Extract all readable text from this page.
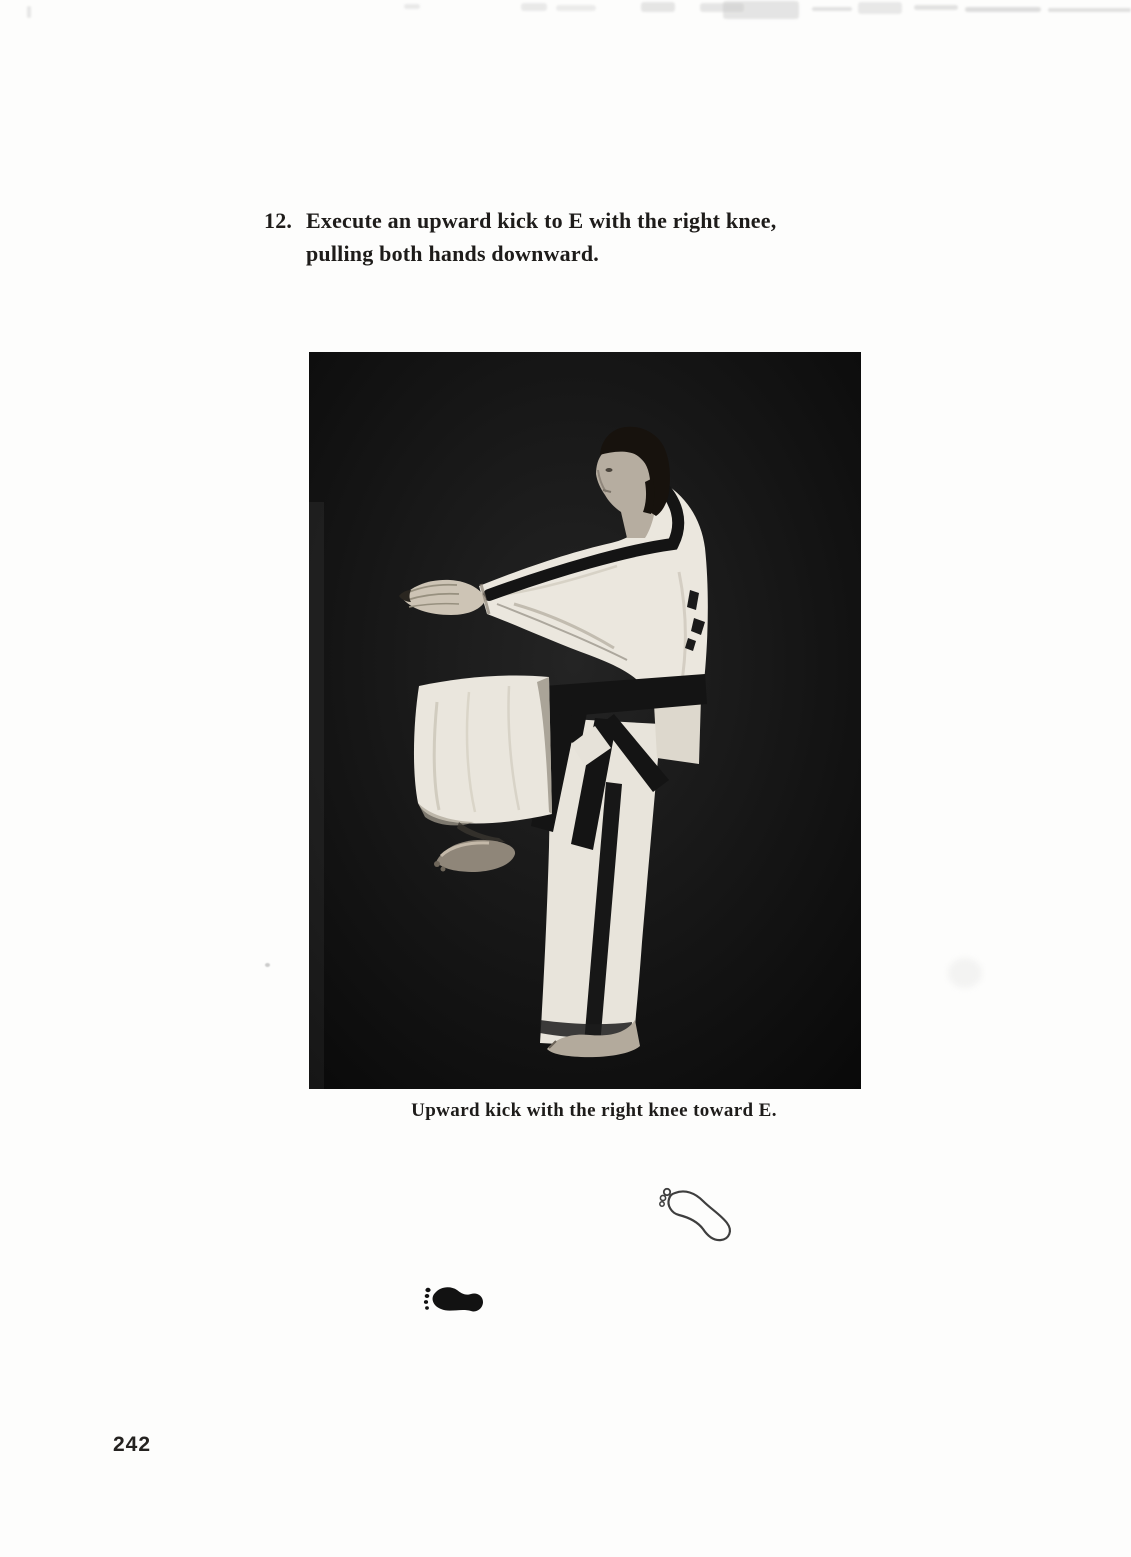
12. Execute an upward kick to E with the right knee,
pulling both hands downward.
Upward kick with the right knee toward E.
242
